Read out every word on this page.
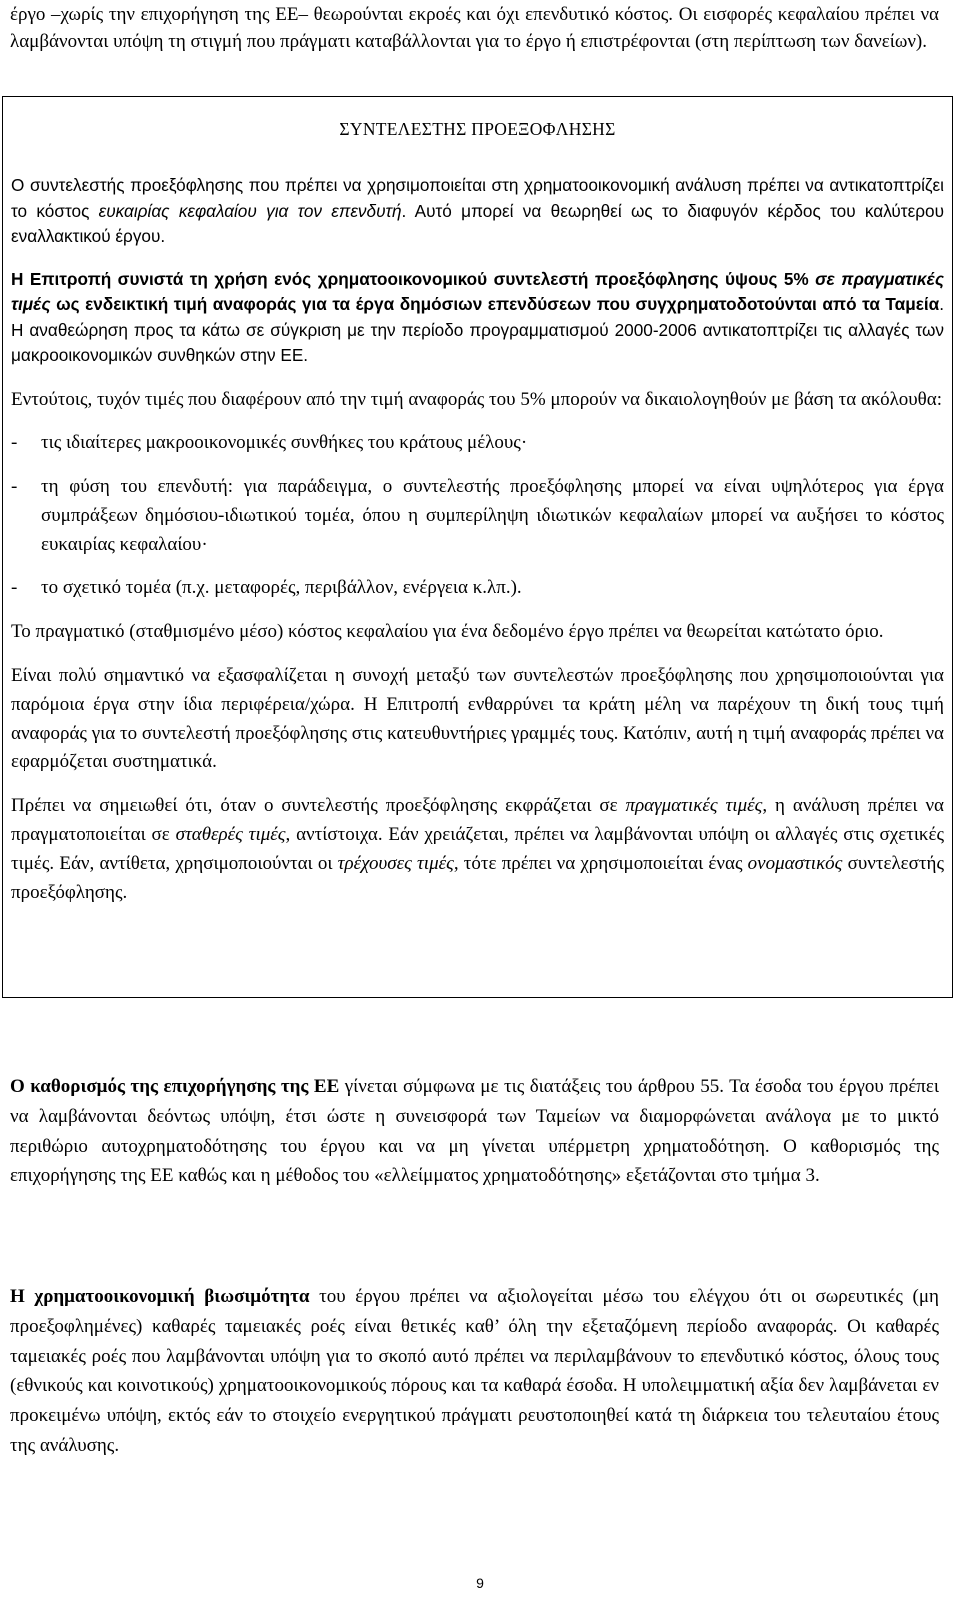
έργο –χωρίς την επιχορήγηση της ΕΕ– θεωρούνται εκροές και όχι επενδυτικό κόστος. Οι εισφορές κεφαλαίου πρέπει να λαμβάνονται υπόψη τη στιγμή που πράγματι καταβάλλονται για το έργο ή επιστρέφονται (στη περίπτωση των δανείων).

ΣΥΝΤΕΛΕΣΤΗΣ ΠΡΟΕΞΟΦΛΗΣΗΣ

Ο συντελεστής προεξόφλησης που πρέπει να χρησιμοποιείται στη χρηματοοικονομική ανάλυση πρέπει να αντικατοπτρίζει το κόστος ευκαιρίας κεφαλαίου για τον επενδυτή. Αυτό μπορεί να θεωρηθεί ως το διαφυγόν κέρδος του καλύτερου εναλλακτικού έργου.

Η Επιτροπή συνιστά τη χρήση ενός χρηματοοικονομικού συντελεστή προεξόφλησης ύψους 5% σε πραγματικές τιμές ως ενδεικτική τιμή αναφοράς για τα έργα δημόσιων επενδύσεων που συγχρηματοδοτούνται από τα Ταμεία. Η αναθεώρηση προς τα κάτω σε σύγκριση με την περίοδο προγραμματισμού 2000-2006 αντικατοπτρίζει τις αλλαγές των μακροοικονομικών συνθηκών στην ΕΕ.

Εντούτοις, τυχόν τιμές που διαφέρουν από την τιμή αναφοράς του 5% μπορούν να δικαιολογηθούν με βάση τα ακόλουθα:

- τις ιδιαίτερες μακροοικονομικές συνθήκες του κράτους μέλους·

- τη φύση του επενδυτή: για παράδειγμα, ο συντελεστής προεξόφλησης μπορεί να είναι υψηλότερος για έργα συμπράξεων δημόσιου-ιδιωτικού τομέα, όπου η συμπερίληψη ιδιωτικών κεφαλαίων μπορεί να αυξήσει το κόστος ευκαιρίας κεφαλαίου·

- το σχετικό τομέα (π.χ. μεταφορές, περιβάλλον, ενέργεια κ.λπ.).

Το πραγματικό (σταθμισμένο μέσο) κόστος κεφαλαίου για ένα δεδομένο έργο πρέπει να θεωρείται κατώτατο όριο.

Είναι πολύ σημαντικό να εξασφαλίζεται η συνοχή μεταξύ των συντελεστών προεξόφλησης που χρησιμοποιούνται για παρόμοια έργα στην ίδια περιφέρεια/χώρα. Η Επιτροπή ενθαρρύνει τα κράτη μέλη να παρέχουν τη δική τους τιμή αναφοράς για το συντελεστή προεξόφλησης στις κατευθυντήριες γραμμές τους. Κατόπιν, αυτή η τιμή αναφοράς πρέπει να εφαρμόζεται συστηματικά.

Πρέπει να σημειωθεί ότι, όταν ο συντελεστής προεξόφλησης εκφράζεται σε πραγματικές τιμές, η ανάλυση πρέπει να πραγματοποιείται σε σταθερές τιμές, αντίστοιχα. Εάν χρειάζεται, πρέπει να λαμβάνονται υπόψη οι αλλαγές στις σχετικές τιμές. Εάν, αντίθετα, χρησιμοποιούνται οι τρέχουσες τιμές, τότε πρέπει να χρησιμοποιείται ένας ονομαστικός συντελεστής προεξόφλησης.

Ο καθορισμός της επιχορήγησης της ΕΕ γίνεται σύμφωνα με τις διατάξεις του άρθρου 55. Τα έσοδα του έργου πρέπει να λαμβάνονται δεόντως υπόψη, έτσι ώστε η συνεισφορά των Ταμείων να διαμορφώνεται ανάλογα με το μικτό περιθώριο αυτοχρηματοδότησης του έργου και να μη γίνεται υπέρμετρη χρηματοδότηση. Ο καθορισμός της επιχορήγησης της ΕΕ καθώς και η μέθοδος του «ελλείμματος χρηματοδότησης» εξετάζονται στο τμήμα 3.

Η χρηματοοικονομική βιωσιμότητα του έργου πρέπει να αξιολογείται μέσω του ελέγχου ότι οι σωρευτικές (μη προεξοφλημένες) καθαρές ταμειακές ροές είναι θετικές καθ’ όλη την εξεταζόμενη περίοδο αναφοράς. Οι καθαρές ταμειακές ροές που λαμβάνονται υπόψη για το σκοπό αυτό πρέπει να περιλαμβάνουν το επενδυτικό κόστος, όλους τους (εθνικούς και κοινοτικούς) χρηματοοικονομικούς πόρους και τα καθαρά έσοδα. Η υπολειμματική αξία δεν λαμβάνεται εν προκειμένω υπόψη, εκτός εάν το στοιχείο ενεργητικού πράγματι ρευστοποιηθεί κατά τη διάρκεια του τελευταίου έτους της ανάλυσης.

9
